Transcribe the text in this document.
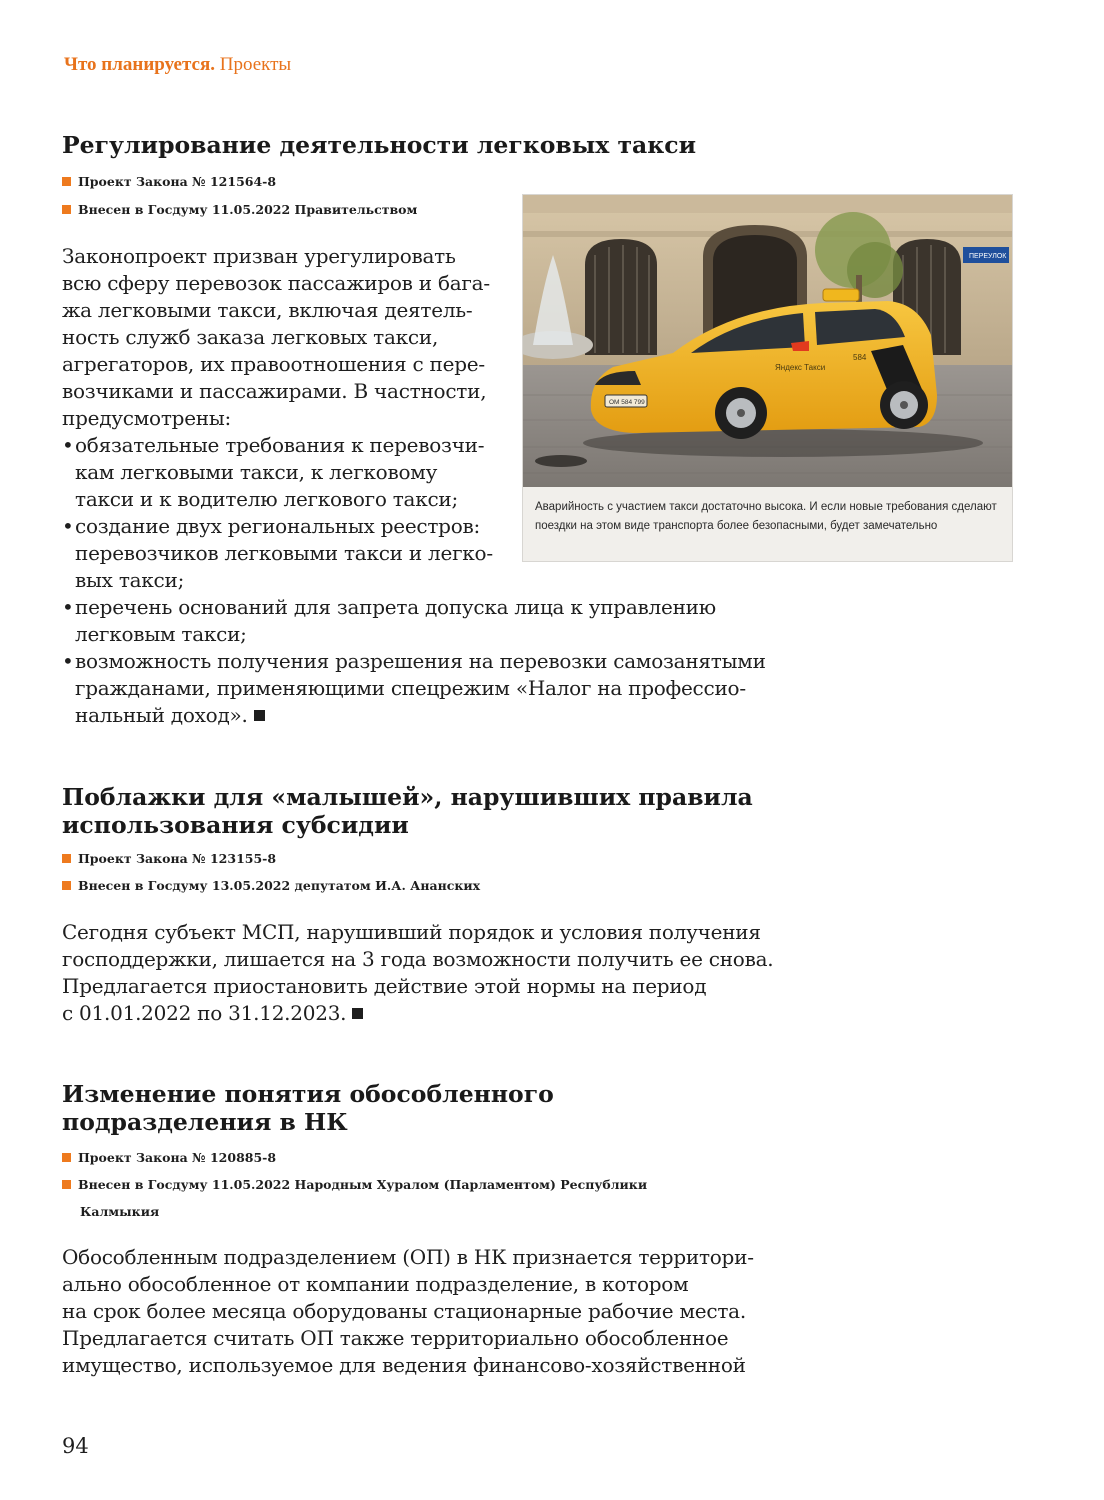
Что планируется. Проекты
Регулирование деятельности легковых такси
Проект Закона № 121564-8
Внесен в Госдуму 11.05.2022 Правительством
Законопроект призван урегулировать
всю сферу перевозок пассажиров и бага-
жа легковыми такси, включая деятель-
ность служб заказа легковых такси,
агрегаторов, их правоотношения с пере-
возчиками и пассажирами. В частности,
предусмотрены:
• обязательные требования к перевозчи-
кам легковыми такси, к легковому
такси и к водителю легкового такси;
• создание двух региональных реестров:
перевозчиков легковыми такси и легко-
вых такси;
• перечень оснований для запрета допуска лица к управлению
легковым такси;
• возможность получения разрешения на перевозки самозанятыми
гражданами, применяющими спецрежим «Налог на профессио-
нальный доход».
ПЕРЕУЛОК
ОМ 584 799
Яндекс Такси
584
Аварийность с участием такси достаточно высока. И если новые требования сделают поездки на этом виде транспорта более безопасными, будет замечательно
Поблажки для «малышей», нарушивших правила
использования субсидии
Проект Закона № 123155-8
Внесен в Госдуму 13.05.2022 депутатом И.А. Ананских
Сегодня субъект МСП, нарушивший порядок и условия получения
господдержки, лишается на 3 года возможности получить ее снова.
Предлагается приостановить действие этой нормы на период
с 01.01.2022 по 31.12.2023.
Изменение понятия обособленного
подразделения в НК
Проект Закона № 120885-8
Внесен в Госдуму 11.05.2022 Народным Хуралом (Парламентом) Республики
Калмыкия
Обособленным подразделением (ОП) в НК признается территори-
ально обособленное от компании подразделение, в котором
на срок более месяца оборудованы стационарные рабочие места.
Предлагается считать ОП также территориально обособленное
имущество, используемое для ведения финансово-хозяйственной
94
